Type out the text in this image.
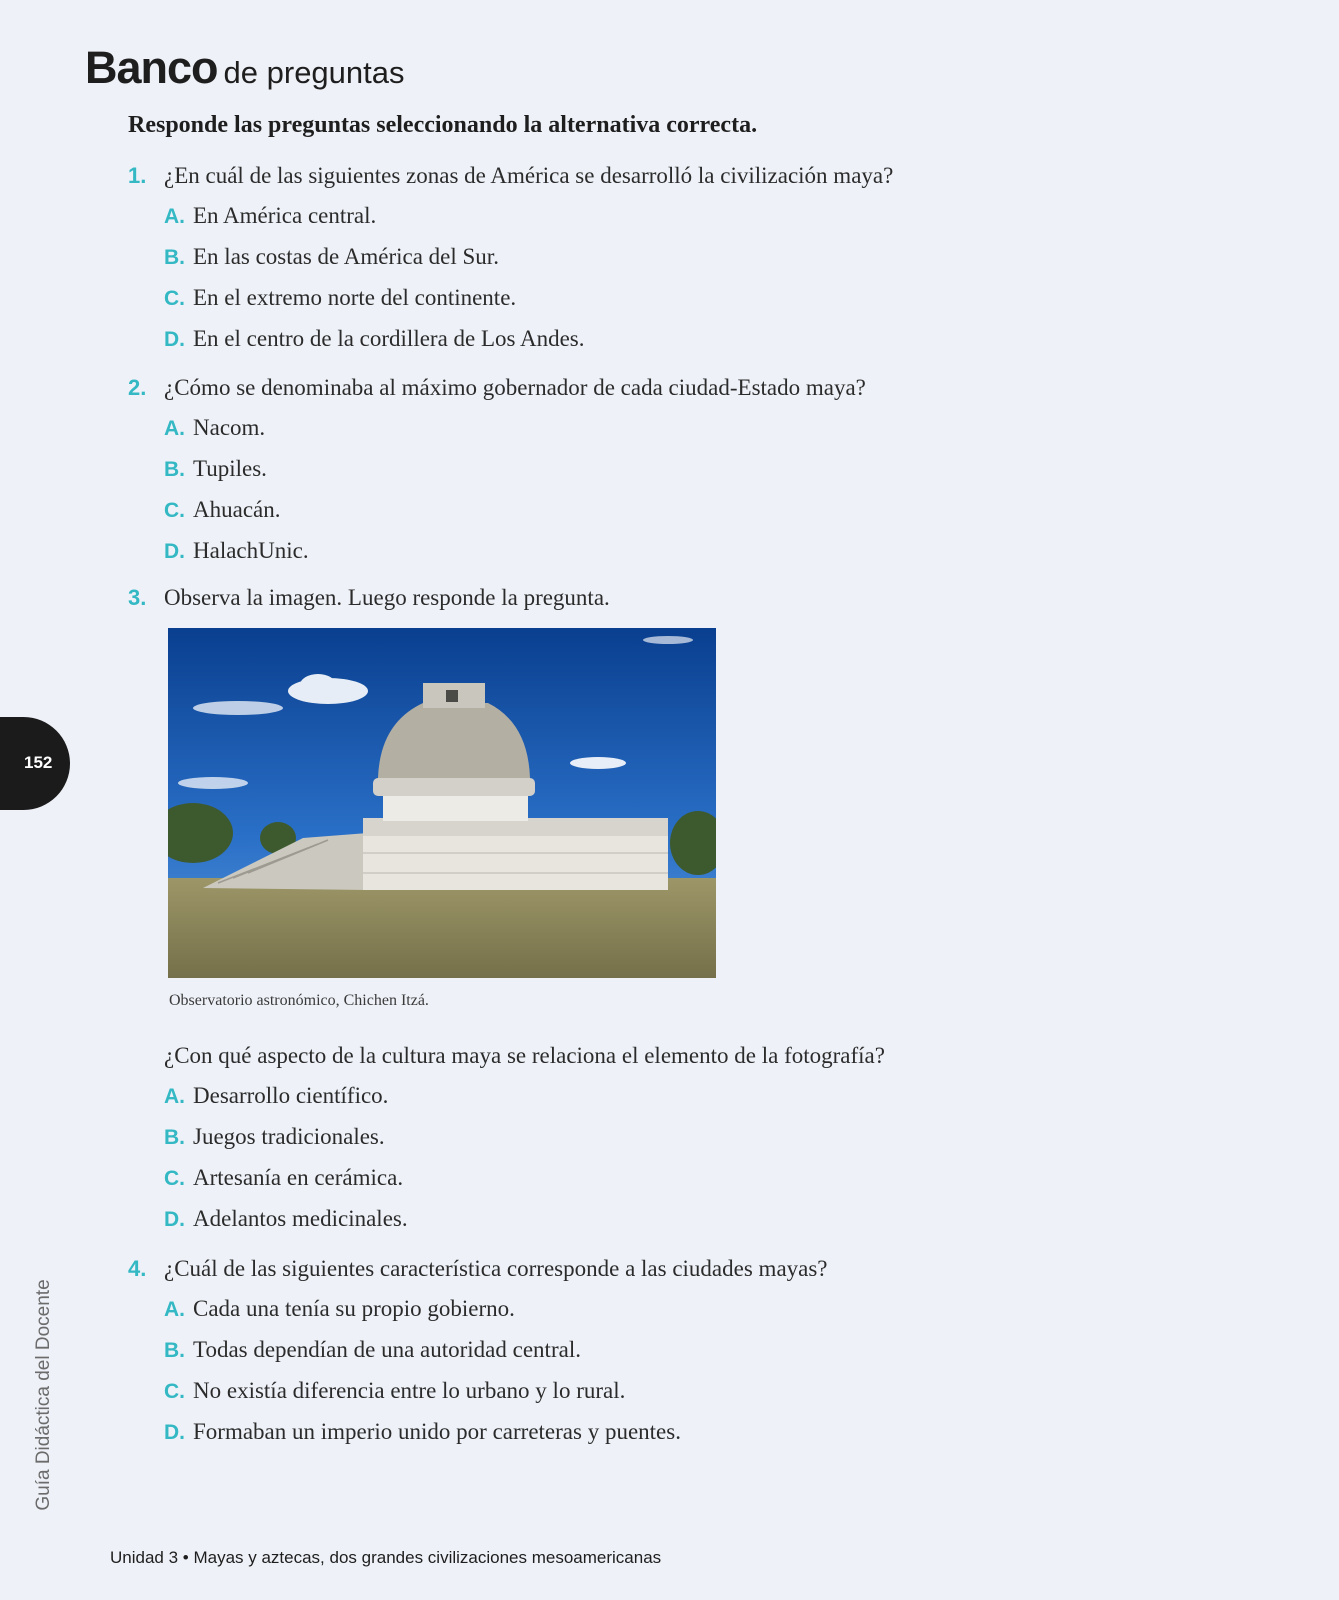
Banco de preguntas

Responde las preguntas seleccionando la alternativa correcta.

1. ¿En cuál de las siguientes zonas de América se desarrolló la civilización maya?
A. En América central.
B. En las costas de América del Sur.
C. En el extremo norte del continente.
D. En el centro de la cordillera de Los Andes.
2. ¿Cómo se denominaba al máximo gobernador de cada ciudad-Estado maya?
A. Nacom.
B. Tupiles.
C. Ahuacán.
D. HalachUnic.
3. Observa la imagen. Luego responde la pregunta.

Observatorio astronómico, Chichen Itzá.

¿Con qué aspecto de la cultura maya se relaciona el elemento de la fotografía?
A. Desarrollo científico.
B. Juegos tradicionales.
C. Artesanía en cerámica.
D. Adelantos medicinales.
4. ¿Cuál de las siguientes característica corresponde a las ciudades mayas?
A. Cada una tenía su propio gobierno.
B. Todas dependían de una autoridad central.
C. No existía diferencia entre lo urbano y lo rural.
D. Formaban un imperio unido por carreteras y puentes.
152
Guía Didáctica del Docente

Unidad 3 • Mayas y aztecas, dos grandes civilizaciones mesoamericanas
